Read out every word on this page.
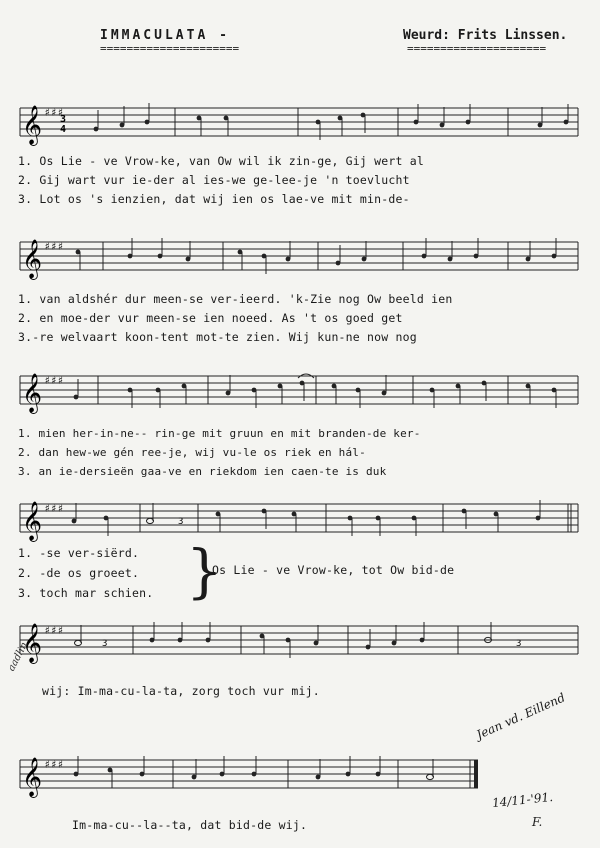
IMMACULATA -
=====================
Weurd: Frits Linssen.
=====================
𝄞 ♯♯♯
3
4
1. Os Lie - ve Vrow-ke, van Ow wil ik zin-ge, Gij wert al
2. Gij wart vur ie-der al ies-we ge-lee-je 'n toevlucht
3. Lot os 's ienzien, dat wij ien os lae-ve mit min-de-
𝄞 ♯♯♯
1. van aldshér dur meen-se ver-ieerd. 'k-Zie nog Ow beeld ien
2. en moe-der vur meen-se ien noeed. As 't os goed get
3.-re welvaart koon-tent mot-te zien. Wij kun-ne now nog
𝄞 ♯♯♯
1. mien her-in-ne-- rin-ge mit gruun en mit branden-de ker-
2. dan hew-we gén ree-je, wij vu-le os riek en hál-
3. an ie-dersieën gaa-ve en riekdom ien caen-te is duk
𝄞 ♯♯♯
3
1. -se ver-siërd.
2. -de os groeet.
3. toch mar schien. }
Os Lie - ve Vrow-ke, tot Ow bid-de
𝄞 ♯♯♯
3	3
wij: Im-ma-cu-la-ta, zorg toch vur mij.
aadlin
𝄞 ♯♯♯
Im-ma-cu--la--ta, dat bid-de wij.
Jean vd. Eillend
14/11-'91.
F.
